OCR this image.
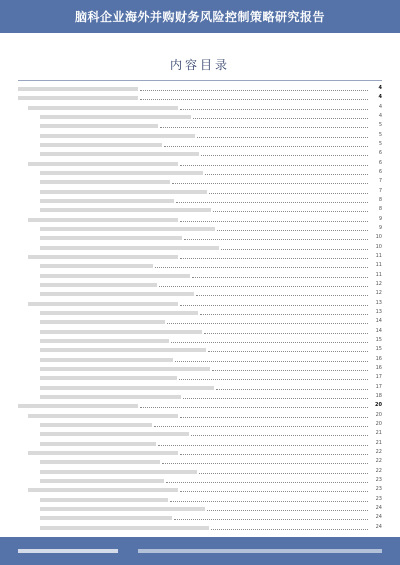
脑科企业海外并购财务风险控制策略研究报告
内容目录
4
4
4
4
5
5
5
6
6
6
7
7
8
8
9
9
10
10
11
11
11
12
12
13
13
14
14
15
15
16
16
17
17
18
20
20
20
21
21
22
22
22
23
23
23
24
24
24
